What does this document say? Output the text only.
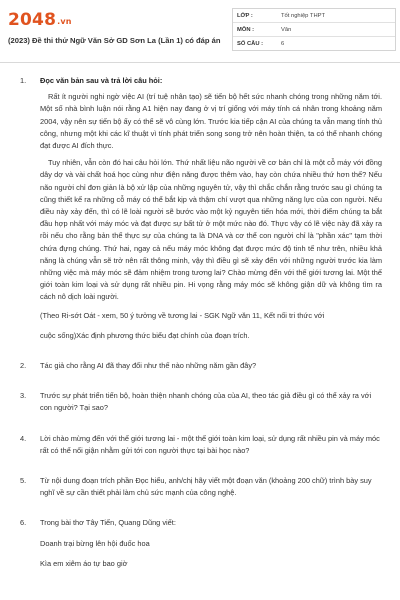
2048.vn
(2023) Đề thi thử Ngữ Văn Sở GD Sơn La (Lần 1) có đáp án
LỚP :	Tốt nghiệp THPT
MÔN :	Văn
SỐ CÂU :	6
1. Đọc văn bản sau và trả lời câu hỏi:

Rất ít người nghi ngờ việc AI (trí tuệ nhân tạo) sẽ tiến bộ hết sức nhanh chóng trong những năm tới. Một số nhà bình luận nói rằng A1 hiện nay đang ở vị trí giống với máy tính cá nhân trong khoảng năm 2004, vậy nên sự tiến bộ ấy có thể sẽ vô cùng lớn. Trước kia tiếp cận AI của chúng ta vẫn mang tính thủ công, nhưng một khi các kĩ thuật vì tính phát triển song song trở nên hoàn thiện, ta có thể nhanh chóng đạt được AI đích thực.

Tuy nhiên, vẫn còn đó hai câu hỏi lớn. Thứ nhất liệu não người về cơ bản chỉ là một cỗ máy với đồng dây dợ và vài chất hoá học cùng như điện năng được thêm vào, hay còn chứa nhiều thứ hơn thế? Nếu não người chỉ đơn giản là bộ xử lập của những nguyên tử, vậy thì chắc chắn rằng trước sau gì chúng ta cũng thiết kế ra những cỗ máy có thể bắt kịp và thậm chí vượt qua những năng lực của con người. Nếu điều này xảy đến, thì có lẽ loài người sẽ bước vào một kỷ nguyên tiến hóa mới, thời điểm chúng ta bắt đầu hợp nhất với máy móc và đạt được sự bất tử ở một mức nào đó. Thực vậy có lẽ việc này đã xảy ra rồi nếu cho rằng bản thể thực sự của chúng ta là DNA và cơ thể con người chỉ là "phần xác" tạm thời chứa đựng chúng. Thứ hai, ngay cả nếu máy móc không đạt được mức độ tinh tế như trên, nhiều khả năng là chúng vẫn sẽ trở nên rất thông minh, vậy thì điều gì sẽ xảy đến với những người trước kia làm những việc mà máy móc sẽ đảm nhiệm trong tương lai? Chào mừng đến với thế giới tương lai. Một thế giới toàn kim loại và sử dụng rất nhiều pin. Hi vọng rằng máy móc sẽ không giận dữ và không tìm ra cách nô dịch loài người.

(Theo Ri-sớt Oát - xem, 50 ý tưởng về tương lai - SGK Ngữ văn 11, Kết nối tri thức với

cuộc sống)Xác định phương thức biểu đạt chính của đoạn trích.

2. Tác giả cho rằng AI đã thay đổi như thế nào những năm gần đây?

3. Trước sự phát triển tiến bộ, hoàn thiện nhanh chóng của của AI, theo tác giả điều gì có thể xảy ra với con người? Tại sao?

4. Lời chào mừng đến với thế giới tương lai - một thế giới toàn kim loại, sử dụng rất nhiều pin và máy móc rất có thể nổi giận nhằm gửi tới con người thực tại bài học nào?

5. Từ nội dung đoạn trích phần Đọc hiểu, anh/chị hãy viết một đoạn văn (khoảng 200 chữ) trình bày suy nghĩ về sự cần thiết phải làm chủ sức mạnh của công nghệ.

6. Trong bài thơ Tây Tiến, Quang Dũng viết:

Doanh trại bừng lên hội đuốc hoa

Kìa em xiêm áo tự bao giờ
